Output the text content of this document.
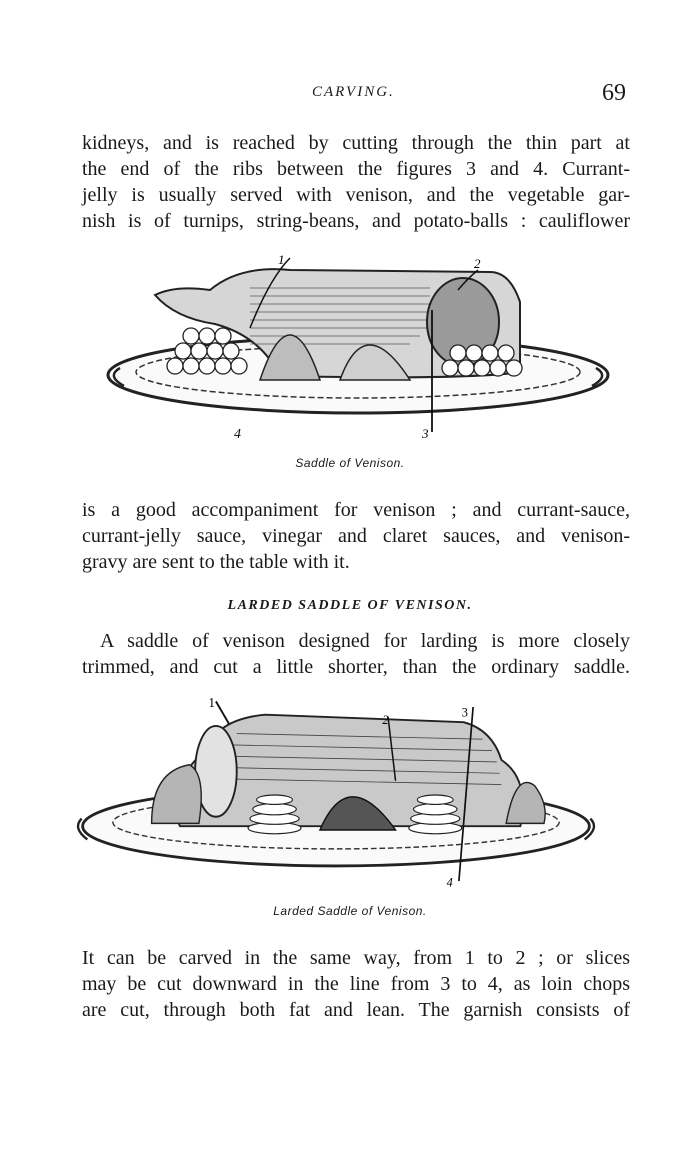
CARVING.	69
kidneys, and is reached by cutting through the thin part at
the end of the ribs between the figures 3 and 4. Currant-
jelly is usually served with venison, and the vegetable gar-
nish is of turnips, string-beans, and potato-balls : cauliflower
1	2
3
4
Saddle of Venison.
is a good accompaniment for venison ; and currant-sauce,
currant-jelly sauce, vinegar and claret sauces, and venison-
gravy are sent to the table with it.
LARDED SADDLE OF VENISON.
A saddle of venison designed for larding is more closely
trimmed, and cut a little shorter, than the ordinary saddle.
1
2
3
4
Larded Saddle of Venison.
It can be carved in the same way, from 1 to 2 ; or slices
may be cut downward in the line from 3 to 4, as loin chops
are cut, through both fat and lean. The garnish consists of
